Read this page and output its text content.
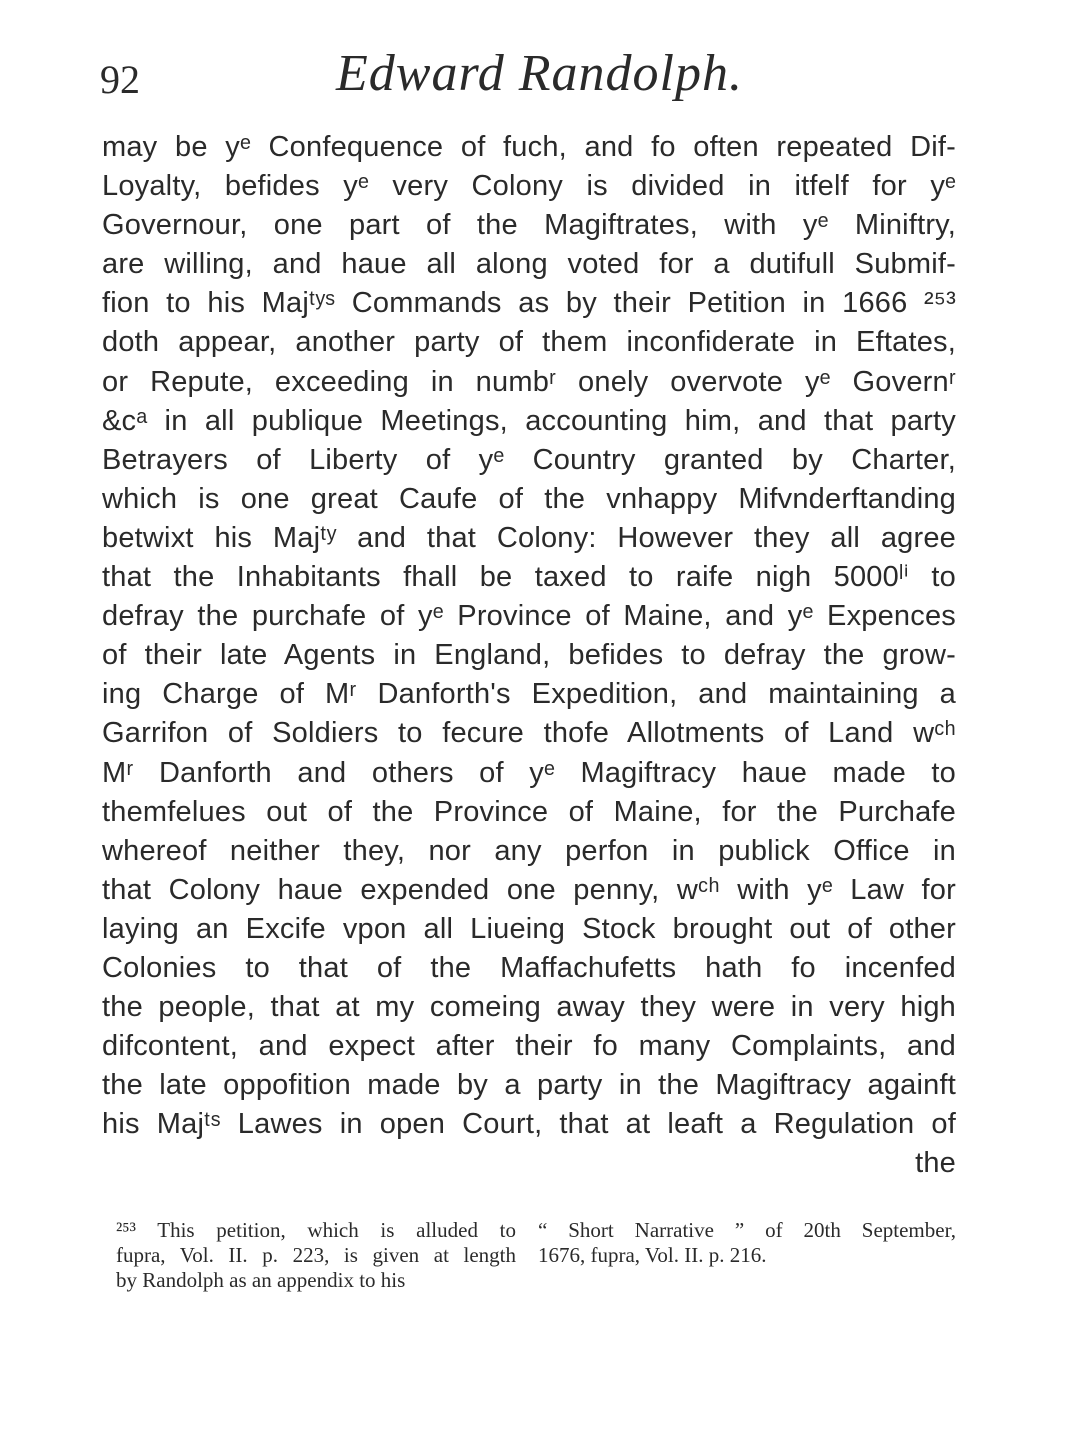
92	Edward Randolph.
may be yᵉ Confequence of fuch, and fo often repeated Dif-
Loyalty, befides yᵉ very Colony is divided in itfelf for yᵉ
Governour, one part of the Magiftrates, with yᵉ Miniftry,
are willing, and haue all along voted for a dutifull Submif-
fion to his Majᵗʸˢ Commands as by their Petition in 1666 ²⁵³
doth appear, another party of them inconfiderate in Eftates,
or Repute, exceeding in numbʳ onely overvote yᵉ Governʳ
&cᵃ in all publique Meetings, accounting him, and that party
Betrayers of Liberty of yᵉ Country granted by Charter,
which is one great Caufe of the vnhappy Mifvnderftanding
betwixt his Majᵗʸ and that Colony: However they all agree
that the Inhabitants fhall be taxed to raife nigh 5000ˡⁱ to
defray the purchafe of yᵉ Province of Maine, and yᵉ Expences
of their late Agents in England, befides to defray the grow-
ing Charge of Mʳ Danforth's Expedition, and maintaining a
Garrifon of Soldiers to fecure thofe Allotments of Land wᶜʰ
Mʳ Danforth and others of yᵉ Magiftracy haue made to
themfelues out of the Province of Maine, for the Purchafe
whereof neither they, nor any perfon in publick Office in
that Colony haue expended one penny, wᶜʰ with yᵉ Law for
laying an Excife vpon all Liueing Stock brought out of other
Colonies to that of the Maffachufetts hath fo incenfed
the people, that at my comeing away they were in very high
difcontent, and expect after their fo many Complaints, and
the late oppofition made by a party in the Magiftracy againft
his Majᵗˢ Lawes in open Court, that at leaft a Regulation of
the
²⁵³ This petition, which is alluded to
fupra, Vol. II. p. 223, is given at length
by Randolph as an appendix to his
“ Short Narrative ” of 20th September,
1676, fupra, Vol. II. p. 216.
